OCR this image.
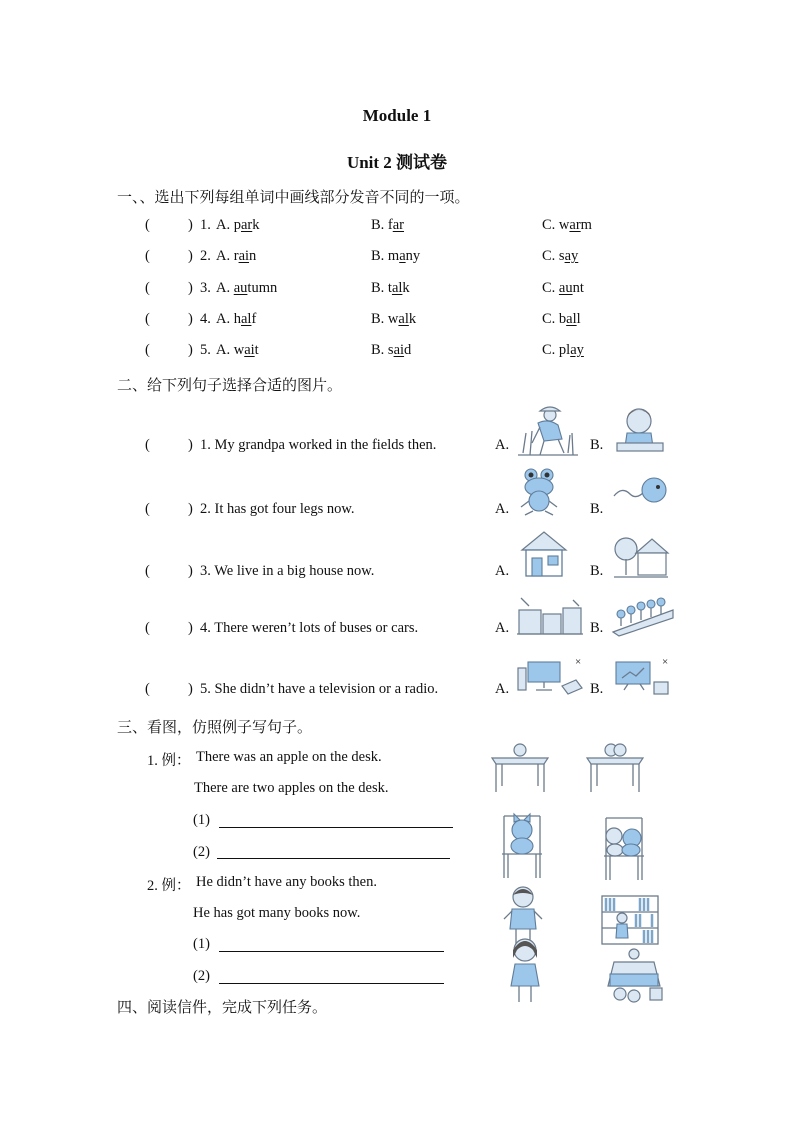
Module 1
Unit 2 测试卷
一、、选出下列每组单词中画线部分发音不同的一项。
(	) 1. A. park	B. far	C. warm
(	) 2. A. rain	B. many	C. say
(	) 3. A. autumn	B. talk	C. aunt
(	) 4. A. half	B. walk	C. ball
(	) 5. A. wait	B. said	C. play
二、给下列句子选择合适的图片。
(	) 1. My grandpa worked in the fields then.	A.	B.
(	) 2. It has got four legs now.	A.	B.
(	) 3. We live in a big house now.	A.	B.
(	) 4. There weren’t lots of buses or cars.	A.	B.
(	) 5. She didn’t have a television or a radio.	A.	B.
×	×
三、看图，仿照例子写句子。
1. 例： There was an apple on the desk.
There are two apples on the desk.
(1)
(2)
2. 例： He didn’t have any books then.
He has got many books now.
(1)
(2)
四、阅读信件，完成下列任务。
